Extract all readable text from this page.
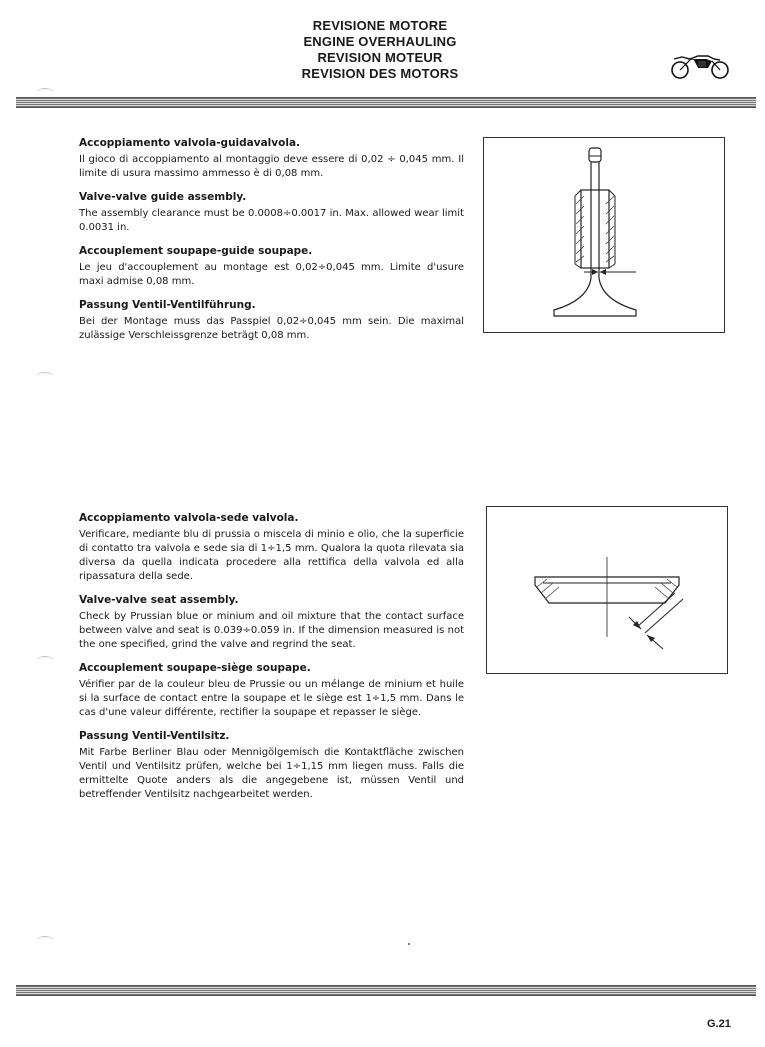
REVISIONE MOTORE
ENGINE OVERHAULING
REVISION MOTEUR
REVISION DES MOTORS
Accoppiamento valvola-guidavalvola.

Il gioco di accoppiamento al montaggio deve essere di 0,02 ÷ 0,045 mm. Il limite di usura massimo ammesso è di 0,08 mm.

Valve-valve guide assembly.

The assembly clearance must be 0.0008÷0.0017 in. Max. allowed wear limit 0.0031 in.

Accouplement soupape-guide soupape.

Le jeu d'accouplement au montage est 0,02÷0,045 mm. Limite d'usure maxi admise 0,08 mm.

Passung Ventil-Ventilführung.

Bei der Montage muss das Passpiel 0,02÷0,045 mm sein. Die maximal zulässige Verschleissgrenze beträgt 0,08 mm.

Accoppiamento valvola-sede valvola.

Verificare, mediante blu di prussia o miscela di minio e olio, che la superficie di contatto tra valvola e sede sia di 1÷1,5 mm. Qualora la quota rilevata sia diversa da quella indicata procedere alla rettifica della valvola ed alla ripassatura della sede.

Valve-valve seat assembly.

Check by Prussian blue or minium and oil mixture that the contact surface between valve and seat is 0.039÷0.059 in. If the dimension measured is not the one specified, grind the valve and regrind the seat.

Accouplement soupape-siège soupape.

Vérifier par de la couleur bleu de Prussie ou un mélange de minium et huile si la surface de contact entre la soupape et le siège est 1÷1,5 mm. Dans le cas d'une valeur différente, rectifier la soupape et repasser le siège.

Passung Ventil-Ventilsitz.

Mit Farbe Berliner Blau oder Mennigölgemisch die Kontaktfläche zwischen Ventil und Ventilsitz prüfen, welche bei 1÷1,15 mm liegen muss. Falls die ermittelte Quote anders als die angegebene ist, müssen Ventil und betreffender Ventilsitz nachgearbeitet werden.

G.21
